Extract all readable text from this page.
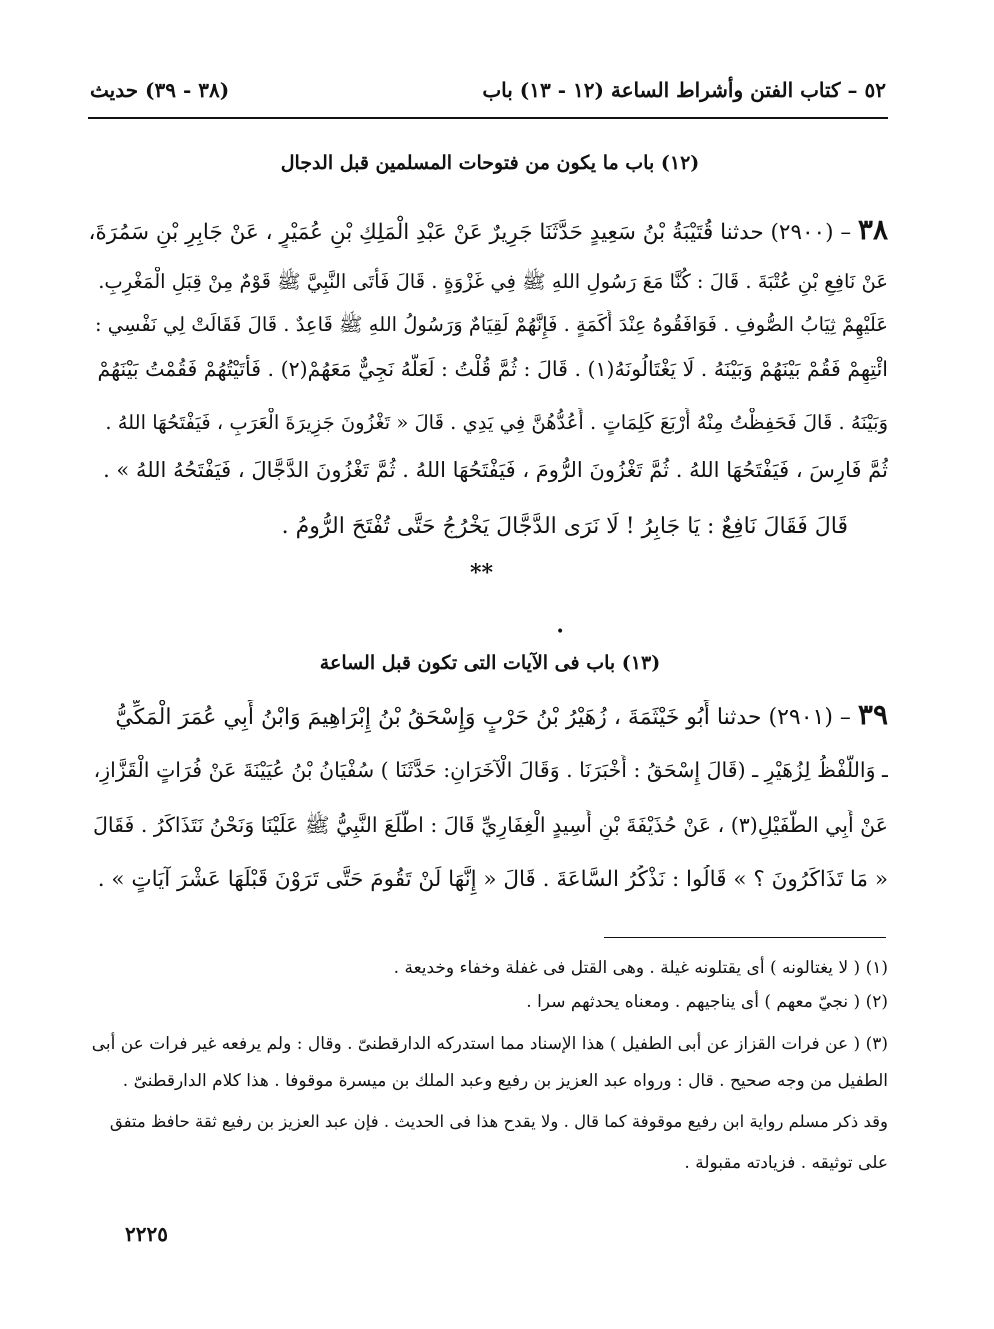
٥٢ – كتاب الفتن وأشراط الساعة (١٢ - ١٣) باب
(٣٨ - ٣٩) حديث
(١٢) باب ما يكون من فتوحات المسلمين قبل الدجال
٣٨ – (٢٩٠٠) حدثنا قُتَيْبَةُ بْنُ سَعِيدٍ حَدَّثَنَا جَرِيرٌ عَنْ عَبْدِ الْمَلِكِ بْنِ عُمَيْرٍ ، عَنْ جَابِرِ بْنِ سَمُرَةَ،
عَنْ نَافِعِ بْنِ عُتْبَةَ . قَالَ : كُنَّا مَعَ رَسُولِ اللهِ ﷺ فِي غَزْوَةٍ . قَالَ فَأَتَى النَّبِيَّ ﷺ قَوْمٌ مِنْ قِبَلِ الْمَغْرِبِ.
عَلَيْهِمْ ثِيَابُ الصُّوفِ . فَوَافَقُوهُ عِنْدَ أَكَمَةٍ . فَإِنَّهُمْ لَقِيَامٌ وَرَسُولُ اللهِ ﷺ قَاعِدٌ . قَالَ فَقَالَتْ لِي نَفْسِي :
ائْتِهِمْ فَقُمْ بَيْنَهُمْ وَبَيْنَهُ . لَا يَغْتَالُونَهُ(١) . قَالَ : ثُمَّ قُلْتُ : لَعَلَّهُ نَجِيٌّ مَعَهُمْ(٢) . فَأَتَيْتُهُمْ فَقُمْتُ بَيْنَهُمْ
وَبَيْنَهُ . قَالَ فَحَفِظْتُ مِنْهُ أَرْبَعَ كَلِمَاتٍ . أَعُدُّهُنَّ فِي يَدِي . قَالَ « تَغْزُونَ جَزِيرَةَ الْعَرَبِ ، فَيَفْتَحُهَا اللهُ .
ثُمَّ فَارِسَ ، فَيَفْتَحُهَا اللهُ . ثُمَّ تَغْزُونَ الرُّومَ ، فَيَفْتَحُهَا اللهُ . ثُمَّ تَغْزُونَ الدَّجَّالَ ، فَيَفْتَحُهُ اللهُ » .
قَالَ فَقَالَ نَافِعٌ : يَا جَابِرُ ! لَا نَرَى الدَّجَّالَ يَخْرُجُ حَتَّى تُفْتَحَ الرُّومُ .
**
•
(١٣) باب فى الآيات التى تكون قبل الساعة
٣٩ – (٢٩٠١) حدثنا أَبُو خَيْثَمَةَ ، زُهَيْرُ بْنُ حَرْبٍ وَإِسْحَقُ بْنُ إِبْرَاهِيمَ وَابْنُ أَبِي عُمَرَ الْمَكِّيُّ
ـ وَاللَّفْظُ لِزُهَيْرٍ ـ (قَالَ إِسْحَقُ : أَخْبَرَنَا . وَقَالَ الْآخَرَانِ: حَدَّثَنَا ) سُفْيَانُ بْنُ عُيَيْنَةَ عَنْ فُرَاتٍ الْقَزَّازِ،
عَنْ أَبِي الطُّفَيْلِ(٣) ، عَنْ حُذَيْفَةَ بْنِ أَسِيدٍ الْغِفَارِيِّ قَالَ : اطَّلَعَ النَّبِيُّ ﷺ عَلَيْنَا وَنَحْنُ نَتَذَاكَرُ . فَقَالَ
« مَا تَذَاكَرُونَ ؟ » قَالُوا : نَذْكُرُ السَّاعَةَ . قَالَ « إِنَّهَا لَنْ تَقُومَ حَتَّى تَرَوْنَ قَبْلَهَا عَشْرَ آيَاتٍ » .
(١) ( لا يغتالونه ) أى يقتلونه غيلة . وهى القتل فى غفلة وخفاء وخديعة .
(٢) ( نجيّ معهم ) أى يناجيهم . ومعناه يحدثهم سرا .
(٣) ( عن فرات القزاز عن أبى الطفيل ) هذا الإسناد مما استدركه الدارقطنىّ . وقال : ولم يرفعه غير فرات عن أبى
الطفيل من وجه صحيح . قال : ورواه عبد العزيز بن رفيع وعبد الملك بن ميسرة موقوفا . هذا كلام الدارقطنىّ .
وقد ذكر مسلم رواية ابن رفيع موقوفة كما قال . ولا يقدح هذا فى الحديث . فإن عبد العزيز بن رفيع ثقة حافظ متفق
على توثيقه . فزيادته مقبولة .
٢٢٢٥
